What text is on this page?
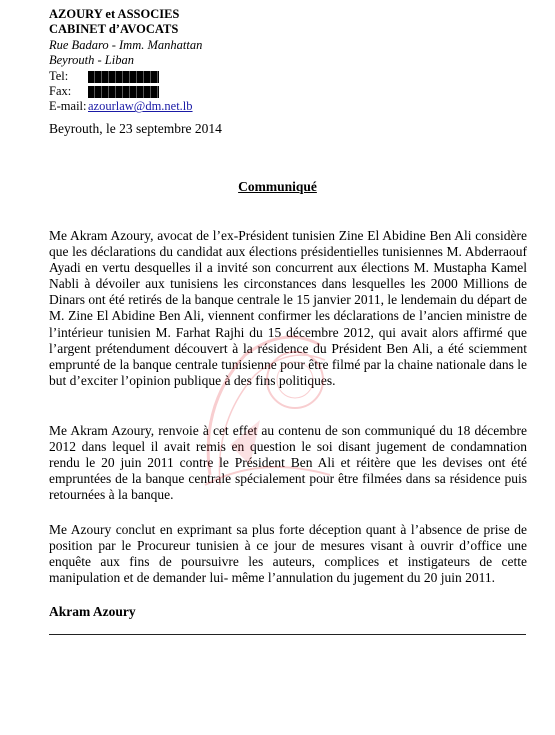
AZOURY et ASSOCIES
CABINET d’AVOCATS
Rue Badaro - Imm. Manhattan
Beyrouth - Liban
Tel:
Fax:
E-mail: azourlaw@dm.net.lb
Beyrouth, le 23 septembre 2014
Communiqué
Me Akram Azoury, avocat de l’ex-Président tunisien Zine El Abidine Ben Ali considère que les déclarations du candidat aux élections présidentielles tunisiennes M. Abderraouf Ayadi en vertu desquelles il a invité son concurrent aux élections M. Mustapha Kamel Nabli à dévoiler aux tunisiens les circonstances dans lesquelles les 2000 Millions de Dinars ont été retirés de la banque centrale le 15 janvier 2011, le lendemain du départ de M. Zine El Abidine Ben Ali, viennent confirmer les déclarations de l’ancien ministre de l’intérieur tunisien M. Farhat Rajhi du 15 décembre 2012, qui avait alors affirmé que l’argent prétendument découvert à la résidence du Président Ben Ali, a été sciemment emprunté de la banque centrale tunisienne pour être filmé par la chaine nationale dans le but d’exciter l’opinion publique à des fins politiques.
Me Akram Azoury, renvoie à cet effet au contenu de son communiqué du 18 décembre 2012 dans lequel il avait remis en question le soi disant jugement de condamnation rendu le 20 juin 2011 contre le Président Ben Ali et réitère que les devises ont été empruntées de la banque centrale spécialement pour être filmées dans sa résidence puis retournées à la banque.
Me Azoury conclut en exprimant sa plus forte déception quant à l’absence de prise de position par le Procureur tunisien à ce jour de mesures visant à ouvrir d’office une enquête aux fins de poursuivre les auteurs, complices et instigateurs de cette manipulation et de demander lui- même l’annulation du jugement du 20 juin 2011.
Akram Azoury
